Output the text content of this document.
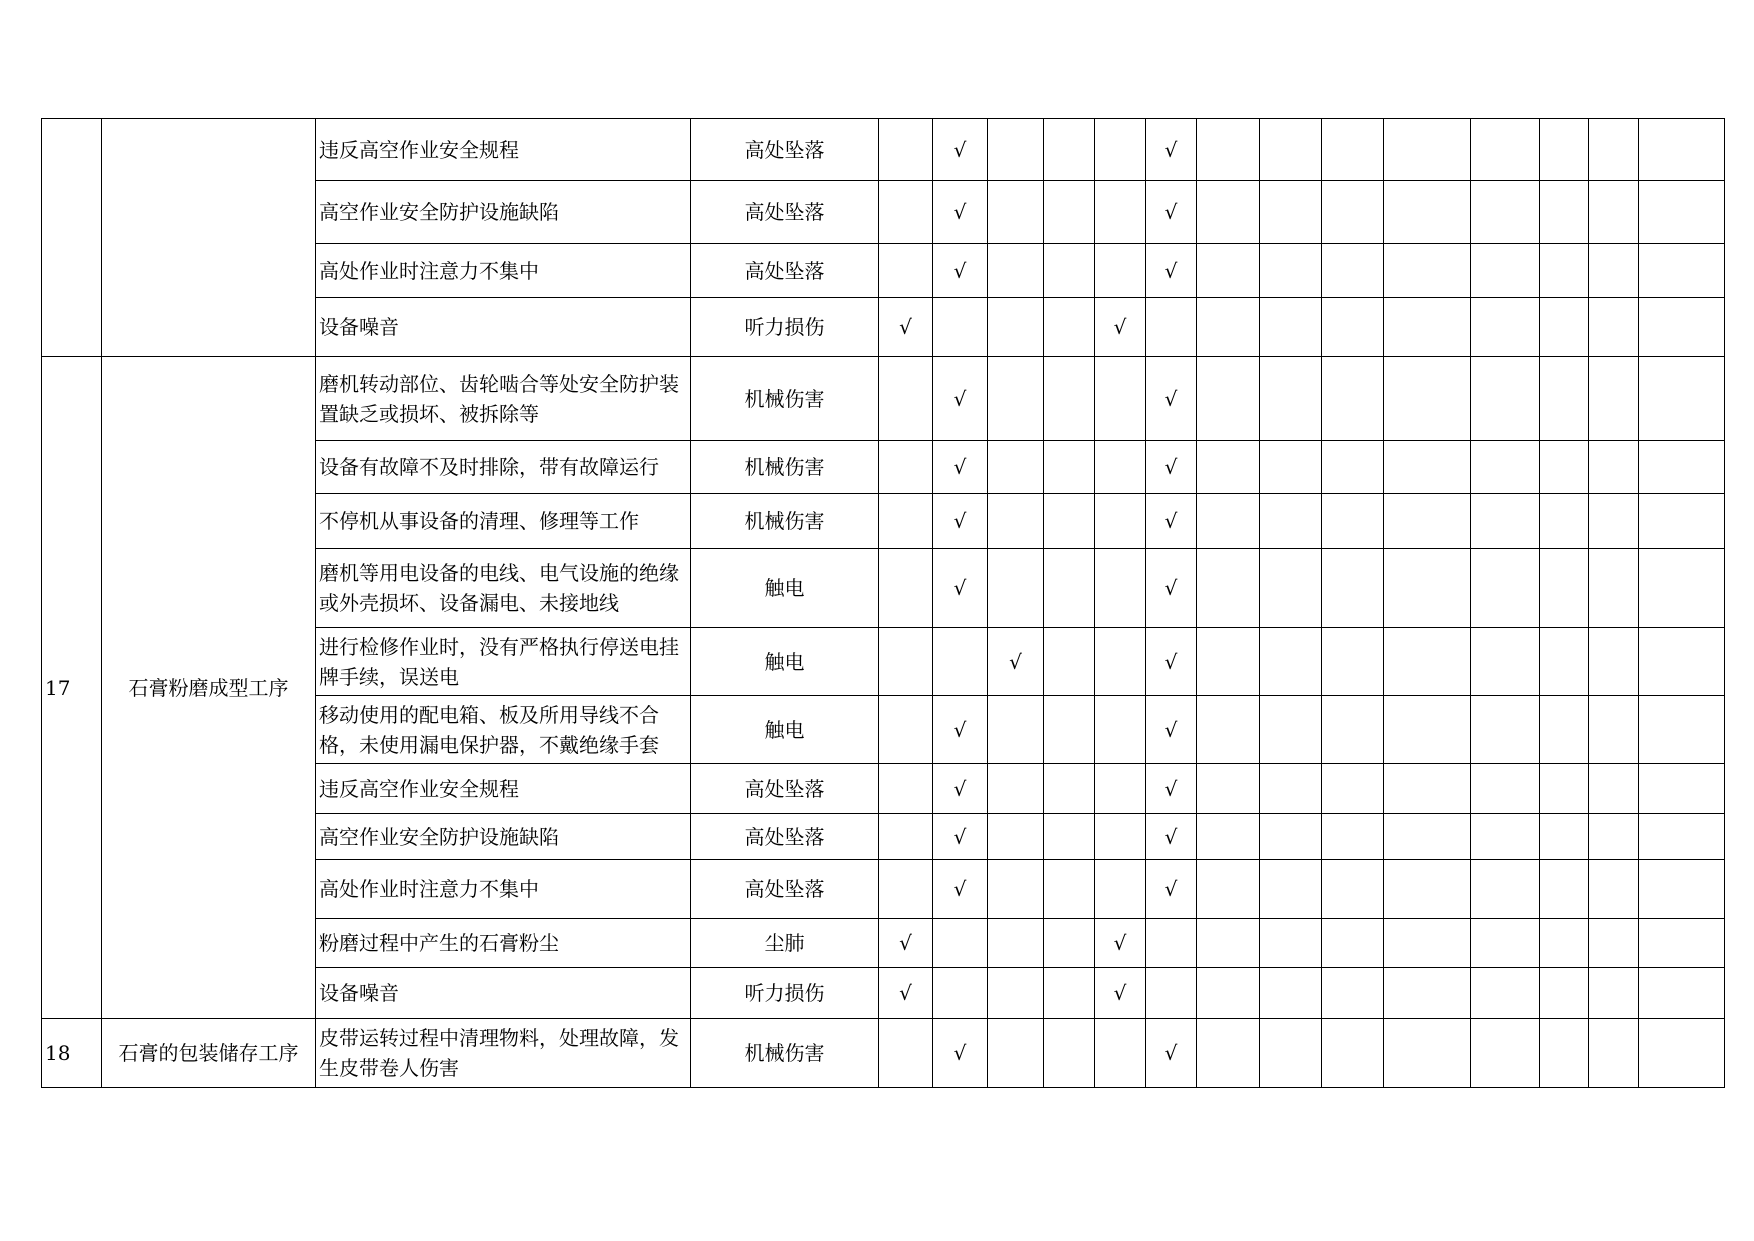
		违反高空作业安全规程	高处坠落		√				√								
		高空作业安全防护设施缺陷	高处坠落		√				√								
		高处作业时注意力不集中	高处坠落		√				√								
		设备噪音	听力损伤	√				√									
17	石膏粉磨成型工序	磨机转动部位、齿轮啮合等处安全防护装置缺乏或损坏、被拆除等	机械伤害		√				√								
		设备有故障不及时排除，带有故障运行	机械伤害		√				√								
		不停机从事设备的清理、修理等工作	机械伤害		√				√								
		磨机等用电设备的电线、电气设施的绝缘或外壳损坏、设备漏电、未接地线	触电		√				√								
		进行检修作业时，没有严格执行停送电挂牌手续，误送电	触电			√			√								
		移动使用的配电箱、板及所用导线不合格，未使用漏电保护器，不戴绝缘手套	触电		√				√								
		违反高空作业安全规程	高处坠落		√				√								
		高空作业安全防护设施缺陷	高处坠落		√				√								
		高处作业时注意力不集中	高处坠落		√				√								
		粉磨过程中产生的石膏粉尘	尘肺	√				√									
		设备噪音	听力损伤	√				√									
18	石膏的包装储存工序	皮带运转过程中清理物料，处理故障，发生皮带卷人伤害	机械伤害		√				√								
